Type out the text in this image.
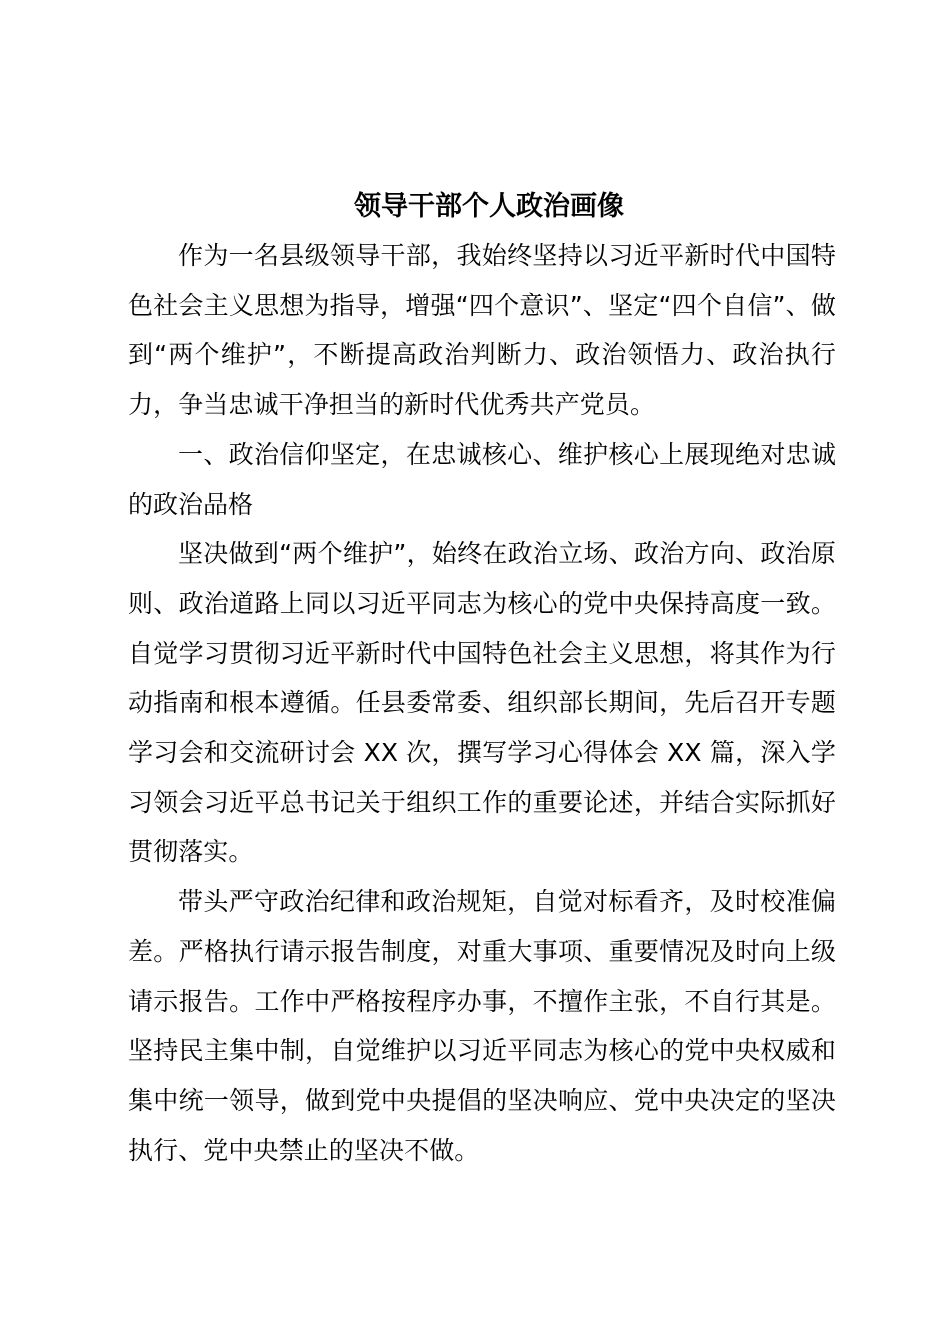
领导干部个人政治画像

作为一名县级领导干部，我始终坚持以习近平新时代中国特色社会主义思想为指导，增强“四个意识”、坚定“四个自信”、做到“两个维护”，不断提高政治判断力、政治领悟力、政治执行力，争当忠诚干净担当的新时代优秀共产党员。

一、政治信仰坚定，在忠诚核心、维护核心上展现绝对忠诚的政治品格

坚决做到“两个维护”，始终在政治立场、政治方向、政治原则、政治道路上同以习近平同志为核心的党中央保持高度一致。自觉学习贯彻习近平新时代中国特色社会主义思想，将其作为行动指南和根本遵循。任县委常委、组织部长期间，先后召开专题学习会和交流研讨会 XX 次，撰写学习心得体会 XX 篇，深入学习领会习近平总书记关于组织工作的重要论述，并结合实际抓好贯彻落实。

带头严守政治纪律和政治规矩，自觉对标看齐，及时校准偏差。严格执行请示报告制度，对重大事项、重要情况及时向上级请示报告。工作中严格按程序办事，不擅作主张，不自行其是。坚持民主集中制，自觉维护以习近平同志为核心的党中央权威和集中统一领导，做到党中央提倡的坚决响应、党中央决定的坚决执行、党中央禁止的坚决不做。
